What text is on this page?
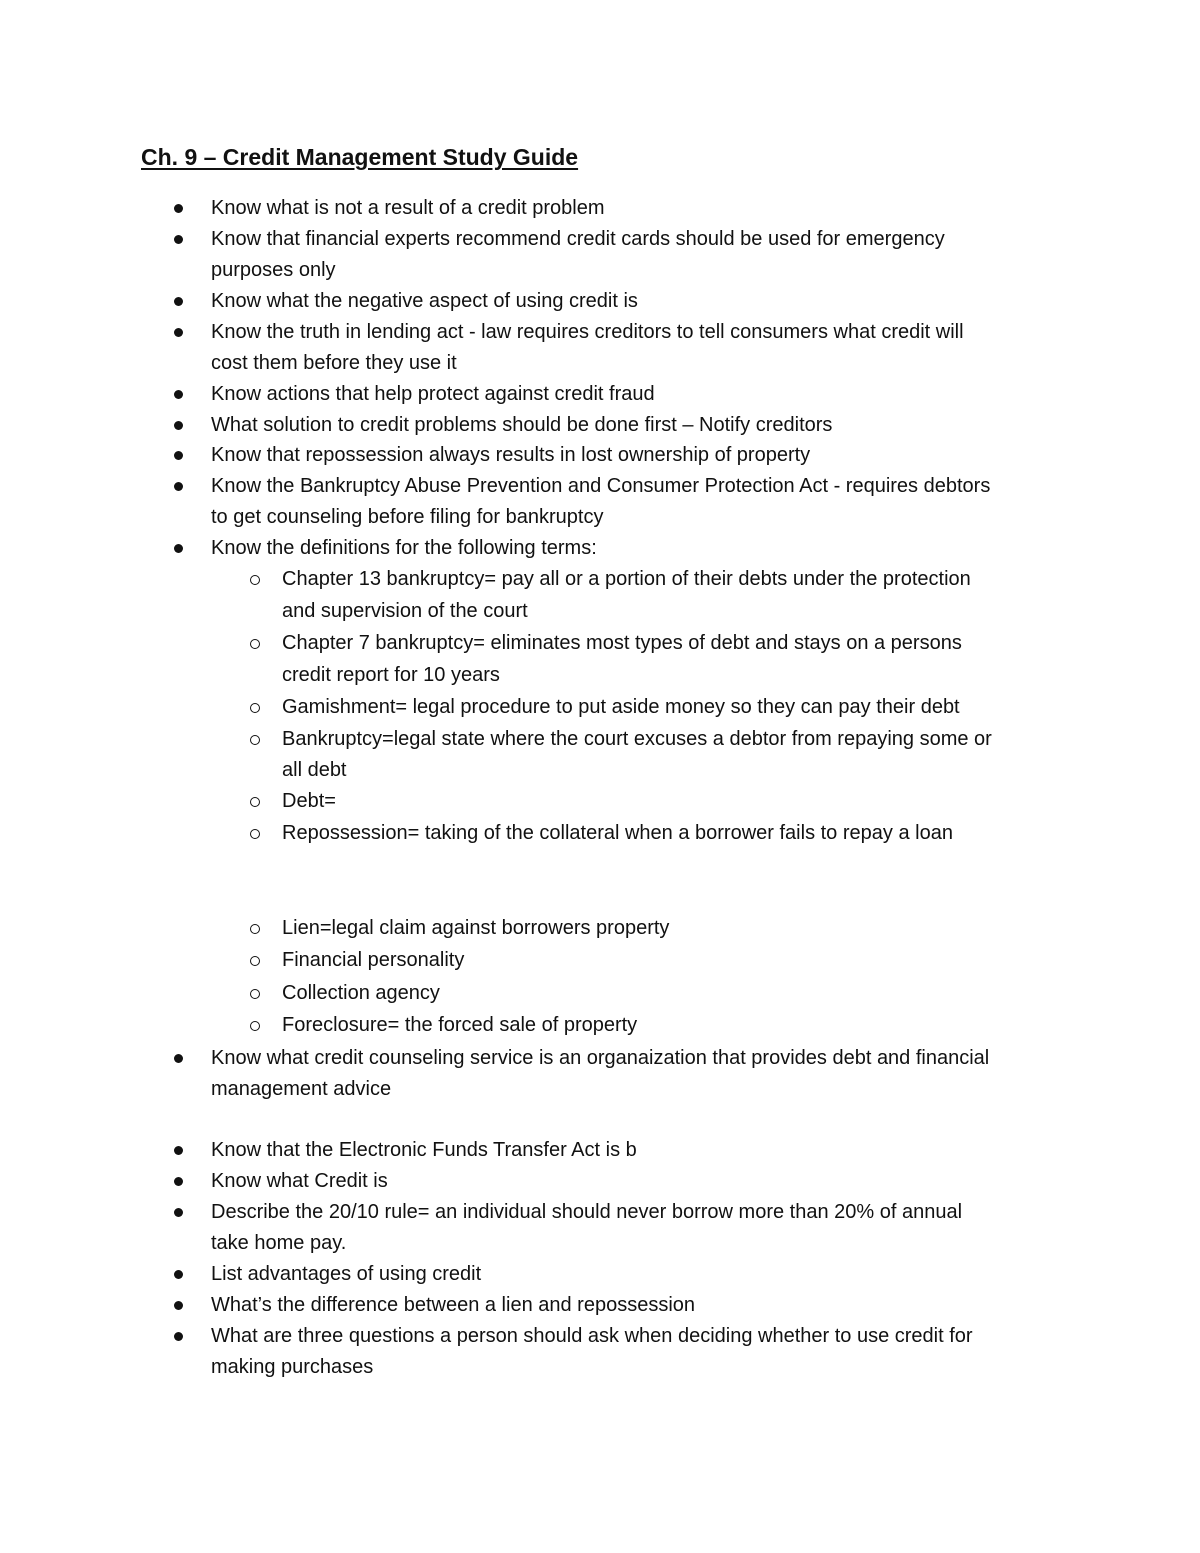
Ch. 9 – Credit Management Study Guide
Know what is not a result of a credit problem
Know that financial experts recommend credit cards should be used for emergency
purposes only
Know what the negative aspect of using credit is
Know the truth in lending act - law requires creditors to tell consumers what credit will
cost them before they use it
Know actions that help protect against credit fraud
What solution to credit problems should be done first – Notify creditors
Know that repossession always results in lost ownership of property
Know the Bankruptcy Abuse Prevention and Consumer Protection Act - requires debtors
to get counseling before filing for bankruptcy
Know the definitions for the following terms:
Chapter 13 bankruptcy= pay all or a portion of their debts under the protection
and supervision of the court
Chapter 7 bankruptcy= eliminates most types of debt and stays on a persons
credit report for 10 years
Gamishment= legal procedure to put aside money so they can pay their debt
Bankruptcy=legal state where the court excuses a debtor from repaying some or
all debt
Debt=
Repossession= taking of the collateral when a borrower fails to repay a loan
Lien=legal claim against borrowers property
Financial personality
Collection agency
Foreclosure= the forced sale of property
Know what credit counseling service is an organaization that provides debt and financial
management advice
Know that the Electronic Funds Transfer Act is b
Know what Credit is
Describe the 20/10 rule= an individual should never borrow more than 20% of annual
take home pay.
List advantages of using credit
What’s the difference between a lien and repossession
What are three questions a person should ask when deciding whether to use credit for
making purchases
